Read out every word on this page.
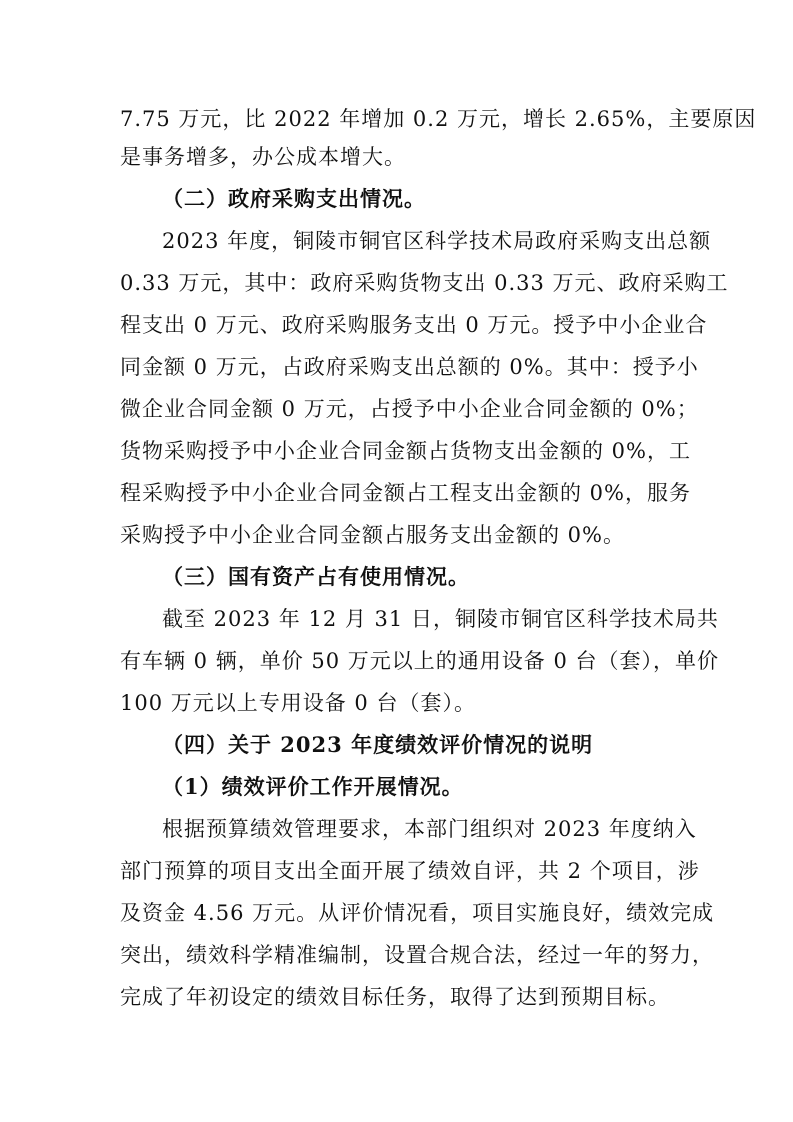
7.75 万元，比 2022 年增加 0.2 万元，增长 2.65%，主要原因
是事务增多，办公成本增大。
（二）政府采购支出情况。
2023 年度，铜陵市铜官区科学技术局政府采购支出总额
0.33 万元，其中：政府采购货物支出 0.33 万元、政府采购工
程支出 0 万元、政府采购服务支出 0 万元。授予中小企业合
同金额 0 万元，占政府采购支出总额的 0%。其中：授予小
微企业合同金额 0 万元，占授予中小企业合同金额的 0%；
货物采购授予中小企业合同金额占货物支出金额的 0%，工
程采购授予中小企业合同金额占工程支出金额的 0%，服务
采购授予中小企业合同金额占服务支出金额的 0%。
（三）国有资产占有使用情况。
截至 2023 年 12 月 31 日，铜陵市铜官区科学技术局共
有车辆 0 辆，单价 50 万元以上的通用设备 0 台（套），单价
100 万元以上专用设备 0 台（套）。
（四）关于 2023 年度绩效评价情况的说明
（1）绩效评价工作开展情况。
根据预算绩效管理要求，本部门组织对 2023 年度纳入
部门预算的项目支出全面开展了绩效自评，共 2 个项目，涉
及资金 4.56 万元。从评价情况看，项目实施良好，绩效完成
突出，绩效科学精准编制，设置合规合法，经过一年的努力，
完成了年初设定的绩效目标任务，取得了达到预期目标。
